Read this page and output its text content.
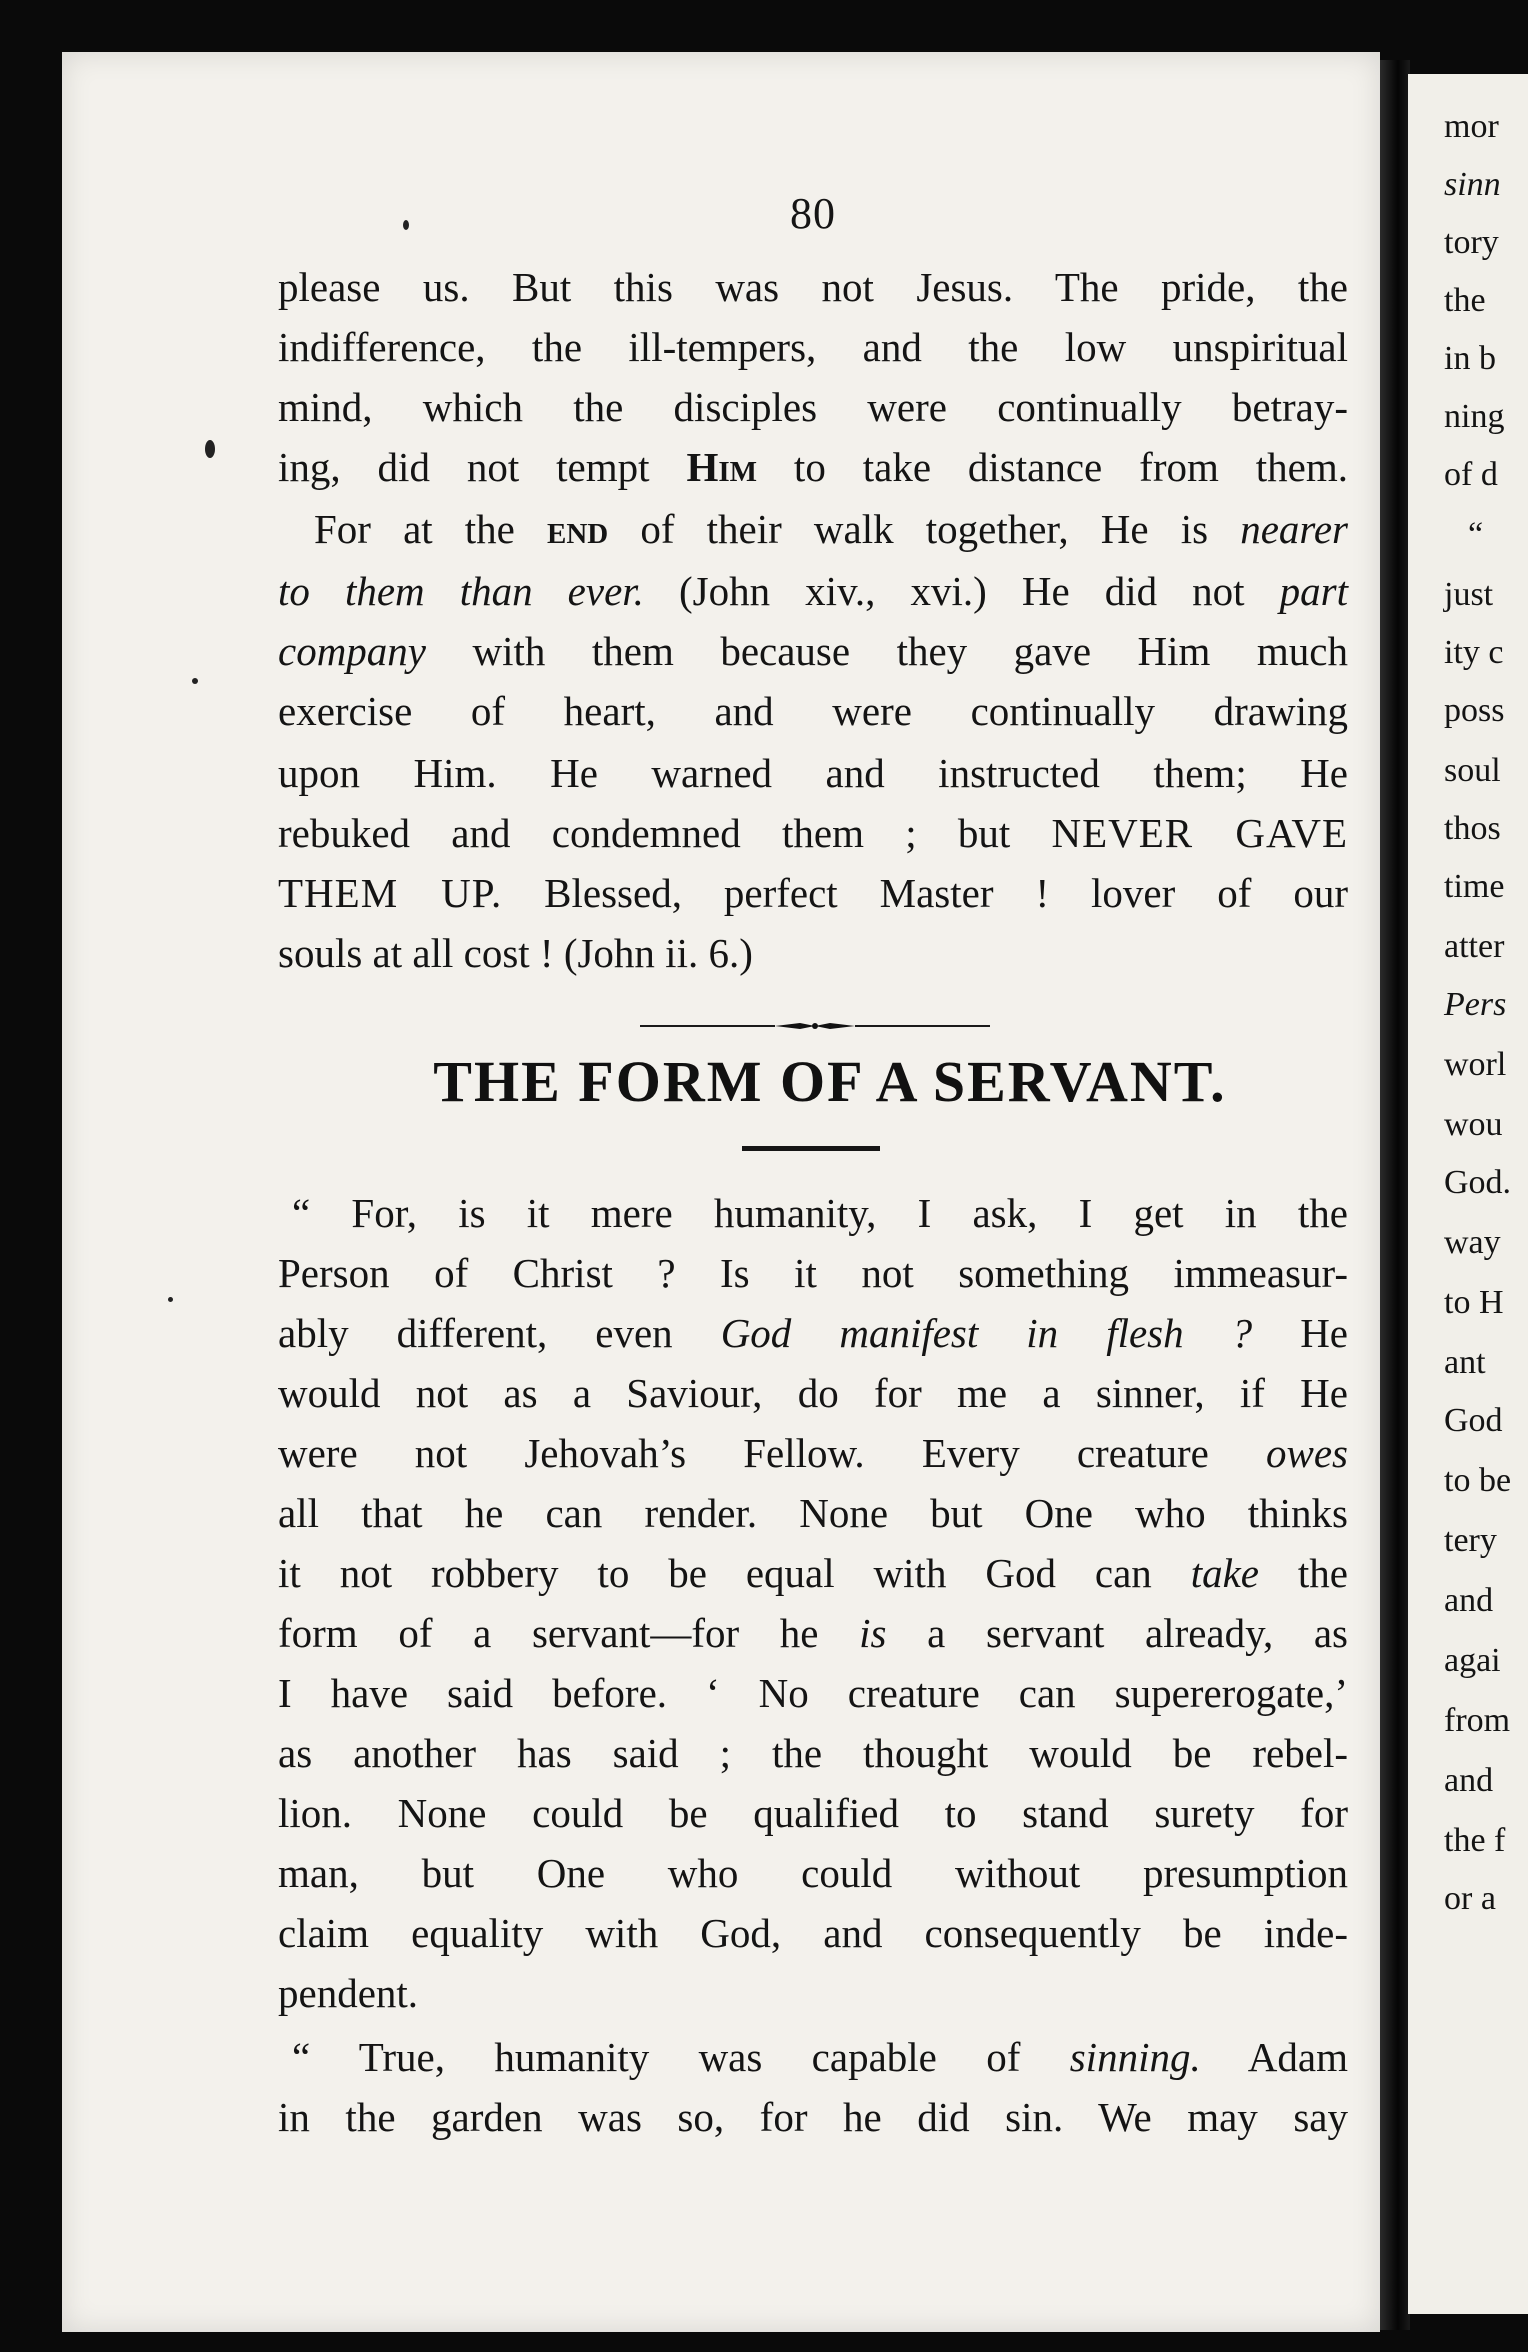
mor
sinn
tory
the
in b
ning
of d
“
just
ity c
poss
soul
thos
time
atter
Pers
worl
wou
God.
way
to H
ant
God
to be
tery
and
agai
from
and
the f
or a
80
please us. But this was not Jesus. The pride, the
indifference, the ill-tempers, and the low unspiritual
mind, which the disciples were continually betray-
ing, did not tempt Him to take distance from them.
For at the end of their walk together, He is nearer
to them than ever. (John xiv., xvi.) He did not part
company with them because they gave Him much
exercise of heart, and were continually drawing
upon Him. He warned and instructed them; He
rebuked and condemned them ; but NEVER GAVE
THEM UP. Blessed, perfect Master ! lover of our
souls at all cost ! (John ii. 6.)
THE FORM OF A SERVANT.
“ For, is it mere humanity, I ask, I get in the
Person of Christ ? Is it not something immeasur-
ably different, even God manifest in flesh ? He
would not as a Saviour, do for me a sinner, if He
were not Jehovah’s Fellow. Every creature owes
all that he can render. None but One who thinks
it not robbery to be equal with God can take the
form of a servant—for he is a servant already, as
I have said before. ‘ No creature can supererogate,’
as another has said ; the thought would be rebel-
lion. None could be qualified to stand surety for
man, but One who could without presumption
claim equality with God, and consequently be inde-
pendent.
“ True, humanity was capable of sinning. Adam
in the garden was so, for he did sin. We may say
